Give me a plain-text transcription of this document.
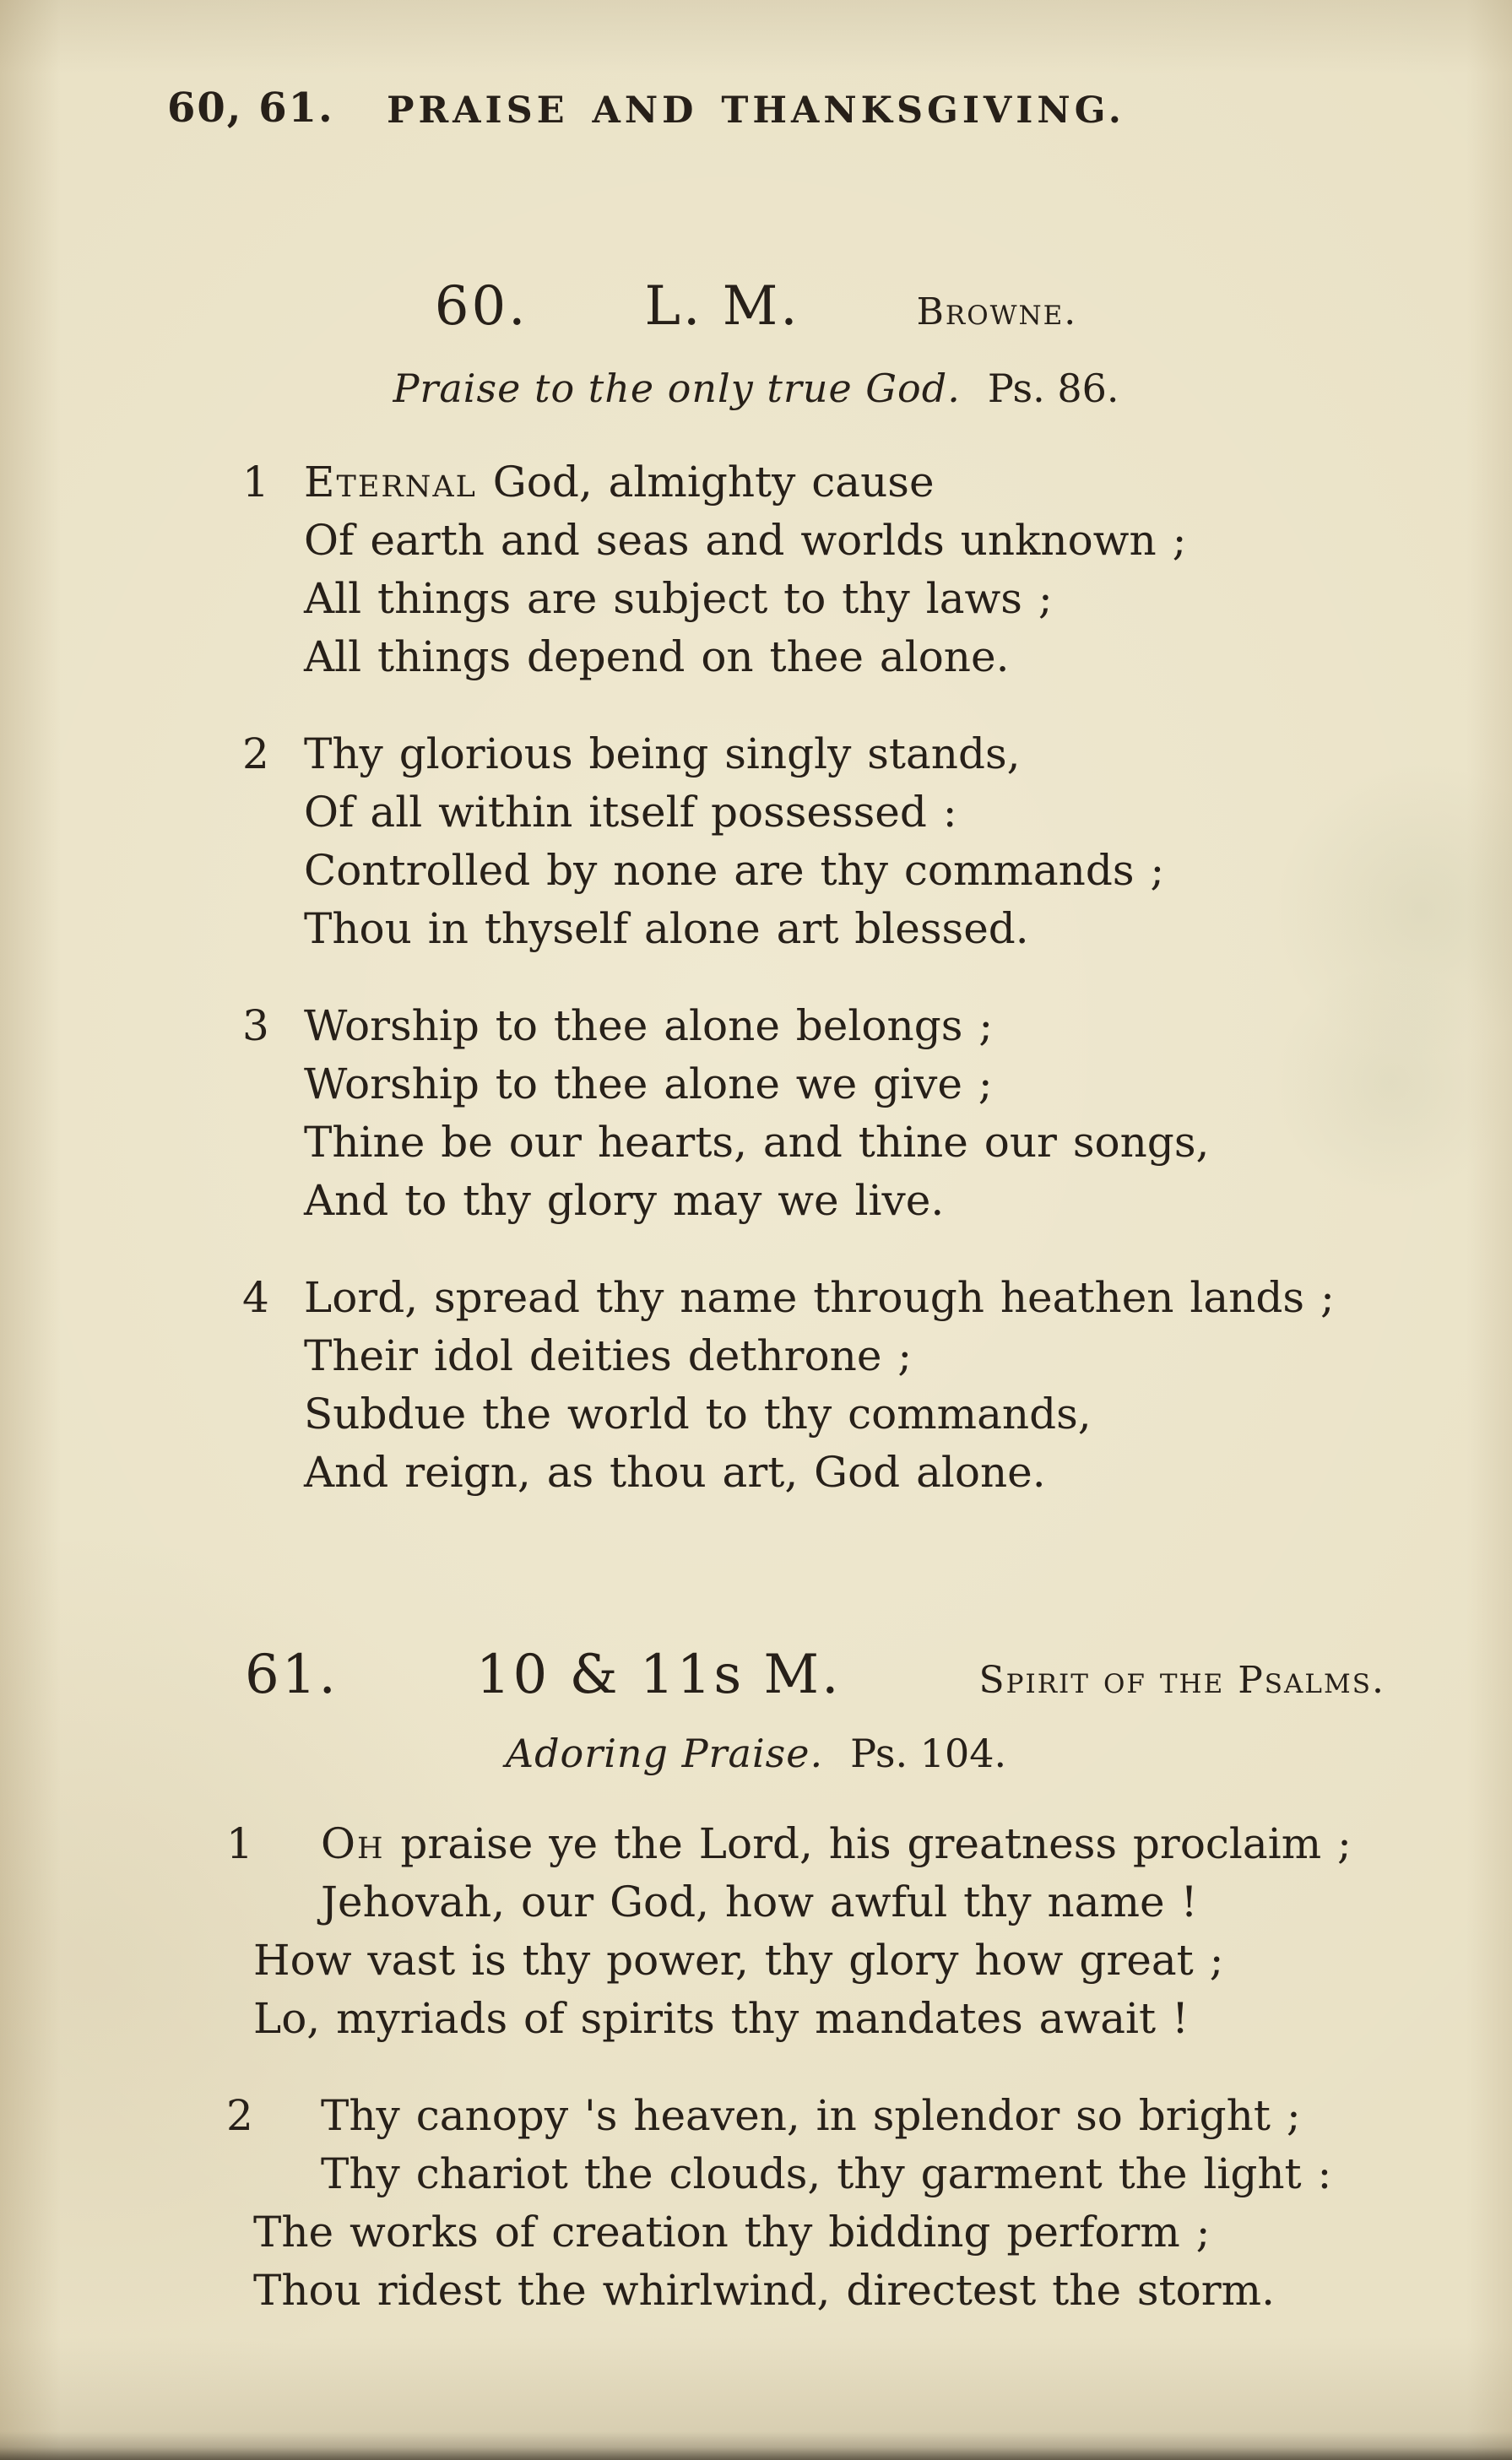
60, 61.	PRAISE AND THANKSGIVING.
60. L. M.	Browne.
Praise to the only true God. Ps. 86.
1 Eternal God, almighty cause
Of earth and seas and worlds unknown ;
All things are subject to thy laws ;
All things depend on thee alone.
2 Thy glorious being singly stands,
Of all within itself possessed :
Controlled by none are thy commands ;
Thou in thyself alone art blessed.
3 Worship to thee alone belongs ;
Worship to thee alone we give ;
Thine be our hearts, and thine our songs,
And to thy glory may we live.
4 Lord, spread thy name through heathen lands ;
Their idol deities dethrone ;
Subdue the world to thy commands,
And reign, as thou art, God alone.
61.	10 & 11s M.	Spirit of the Psalms.
Adoring Praise. Ps. 104.
1	Oh praise ye the Lord, his greatness proclaim ;
Jehovah, our God, how awful thy name !
How vast is thy power, thy glory how great ;
Lo, myriads of spirits thy mandates await !
2	Thy canopy 's heaven, in splendor so bright ;
Thy chariot the clouds, thy garment the light :
The works of creation thy bidding perform ;
Thou ridest the whirlwind, directest the storm.
